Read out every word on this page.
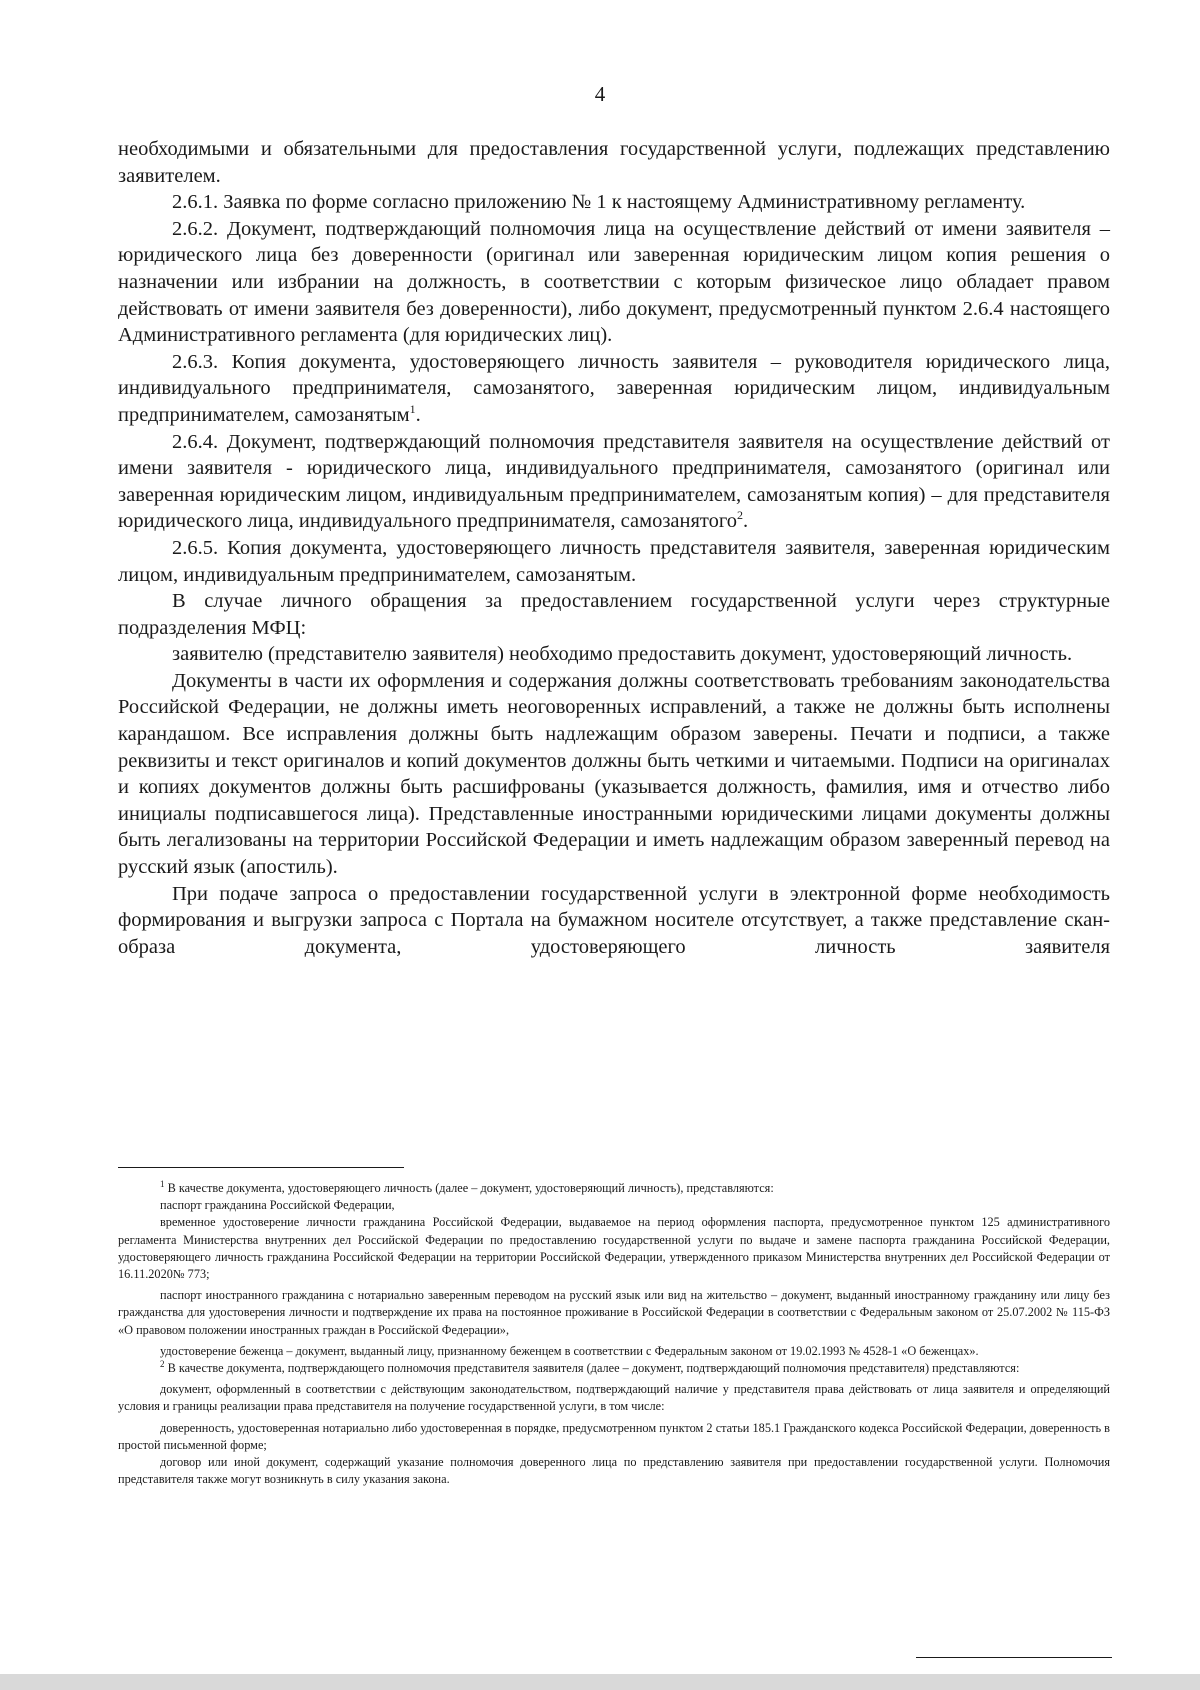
4

необходимыми и обязательными для предоставления государственной услуги, подлежащих представлению заявителем.

2.6.1. Заявка по форме согласно приложению № 1 к настоящему Административному регламенту.

2.6.2. Документ, подтверждающий полномочия лица на осуществление действий от имени заявителя – юридического лица без доверенности (оригинал или заверенная юридическим лицом копия решения о назначении или избрании на должность, в соответствии с которым физическое лицо обладает правом действовать от имени заявителя без доверенности), либо документ, предусмотренный пунктом 2.6.4 настоящего Административного регламента (для юридических лиц).

2.6.3. Копия документа, удостоверяющего личность заявителя – руководителя юридического лица, индивидуального предпринимателя, самозанятого, заверенная юридическим лицом, индивидуальным предпринимателем, самозанятым$^1$.

2.6.4. Документ, подтверждающий полномочия представителя заявителя на осуществление действий от имени заявителя - юридического лица, индивидуального предпринимателя, самозанятого (оригинал или заверенная юридическим лицом, индивидуальным предпринимателем, самозанятым копия) – для представителя юридического лица, индивидуального предпринимателя, самозанятого$^2$.

2.6.5. Копия документа, удостоверяющего личность представителя заявителя, заверенная юридическим лицом, индивидуальным предпринимателем, самозанятым.

В случае личного обращения за предоставлением государственной услуги через структурные подразделения МФЦ:

заявителю (представителю заявителя) необходимо предоставить документ, удостоверяющий личность.

Документы в части их оформления и содержания должны соответствовать требованиям законодательства Российской Федерации, не должны иметь неоговоренных исправлений, а также не должны быть исполнены карандашом. Все исправления должны быть надлежащим образом заверены. Печати и подписи, а также реквизиты и текст оригиналов и копий документов должны быть четкими и читаемыми. Подписи на оригиналах и копиях документов должны быть расшифрованы (указывается должность, фамилия, имя и отчество либо инициалы подписавшегося лица). Представленные иностранными юридическими лицами документы должны быть легализованы на территории Российской Федерации и иметь надлежащим образом заверенный перевод на русский язык (апостиль).

При подаче запроса о предоставлении государственной услуги в электронной форме необходимость формирования и выгрузки запроса с Портала на бумажном носителе отсутствует, а также представление скан-образа документа, удостоверяющего личность заявителя

$^1$ В качестве документа, удостоверяющего личность (далее – документ, удостоверяющий личность), представляются:

паспорт гражданина Российской Федерации,

временное удостоверение личности гражданина Российской Федерации, выдаваемое на период оформления паспорта, предусмотренное пунктом 125 административного регламента Министерства внутренних дел Российской Федерации по предоставлению государственной услуги по выдаче и замене паспорта гражданина Российской Федерации, удостоверяющего личность гражданина Российской Федерации на территории Российской Федерации, утвержденного приказом Министерства внутренних дел Российской Федерации от 16.11.2020№ 773;

паспорт иностранного гражданина с нотариально заверенным переводом на русский язык или вид на жительство – документ, выданный иностранному гражданину или лицу без гражданства для удостоверения личности и подтверждение их права на постоянное проживание в Российской Федерации в соответствии с Федеральным законом от 25.07.2002 № 115-ФЗ «О правовом положении иностранных граждан в Российской Федерации»,

удостоверение беженца – документ, выданный лицу, признанному беженцем в соответствии с Федеральным законом от 19.02.1993 № 4528-1 «О беженцах».

$^2$ В качестве документа, подтверждающего полномочия представителя заявителя (далее – документ, подтверждающий полномочия представителя) представляются:

документ, оформленный в соответствии с действующим законодательством, подтверждающий наличие у представителя права действовать от лица заявителя и определяющий условия и границы реализации права представителя на получение государственной услуги, в том числе:

доверенность, удостоверенная нотариально либо удостоверенная в порядке, предусмотренном пунктом 2 статьи 185.1 Гражданского кодекса Российской Федерации, доверенность в простой письменной форме;

договор или иной документ, содержащий указание полномочия доверенного лица по представлению заявителя при предоставлении государственной услуги. Полномочия представителя также могут возникнуть в силу указания закона.
